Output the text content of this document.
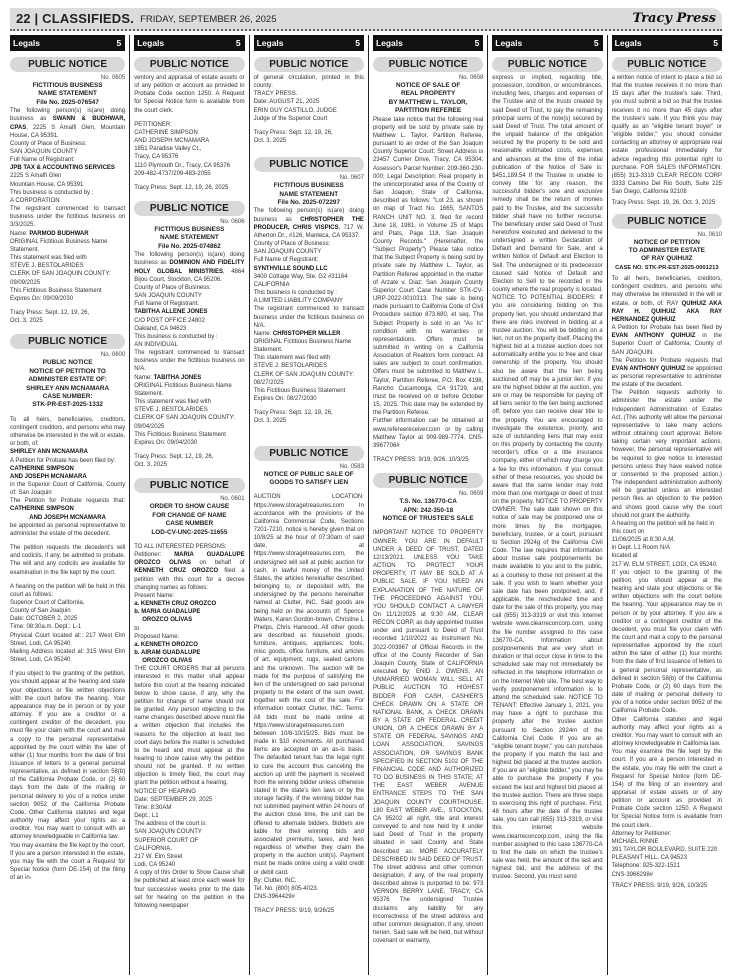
22 | CLASSIFIEDS. FRIDAY, SEPTEMBER 26, 2025	Tracy Press
Legals	5
PUBLIC NOTICE
No. 0605
FICTITIOUS BUSINESS
NAME STATEMENT
File No. 2025-076547
The following person(s) is(are) doing business as SWANN & BUDHWAR, CPAS, 2225 S Amalfi Glen, Mountain House, CA 95391.
County of Place of Business:
SAN JOAQUIN COUNTY
Full Name of Registrant:
JPB TAX & ACCOUNTING SERVICES
2225 S Amalfi Glen
Mountain House, CA 95391
This business is conducted by :
A CORPORATION
The registrant commenced to transact business under the fictitious business on 3/3/2025.
Name: PARMOD BUDHWAR
ORIGINAL Fictitious Business Name Statement.
This statement was filed with
STEVE J. BESTOLARIDES
CLERK OF SAN JOAQUIN COUNTY:
09/09/2025
This Fictitious Business Statement
Expires On: 09/09/2030
Tracy Press: Sept. 12, 19, 26,
Oct. 3, 2025
PUBLIC NOTICE
No. 0600
PUBLIC NOTICE
NOTICE OF PETITION TO
ADMINISTER ESTATE OF:
SHIRLEY ANN MCNAMARA
CASE NUMBER:
STK-PR-EST-2025-1332
To all heirs, beneficiaries, creditors, contingent creditors, and persons who may otherwise be interested in the will or estate, or both, of:
SHIRLEY ANN MCNAMARA
A Petition for Probate has been filed by:
CATHERINE SIMPSON
AND JOSEPH MCNAMARA
in the Superior Court of California, County of: San Joaquin
The Petition for Probate requests that: CATHERINE SIMPSON
AND JOSEPH MCNAMARA
be appointed as personal representative to administer the estate of the decedent.
The petition requests the decedent's will and codicils, if any, be admitted to probate. The will and any codicils are available for examination in the file kept by the court.
A hearing on the petition will be held in this court as follows:
Superior Court of California,
County of San Joaquin
Date: OCTOBER 2, 2025
Time: 08:30a.m. Dept.: L-1
Physical Court located at:: 217 West Elm Street, Lodi, CA 95240
Mailing Address located at: 315 West Elm Street, Lodi, CA 95240
If you object to the granting of the petition, you should appear at the hearing and state your objections or file written objections with the court before the hearing. Your appearance may be in person or by your attorney. If you are a creditor or a contingent creditor of the decedent, you must file your claim with the court and mail a copy to the personal representative appointed by the court within the later of either (1) four months from the date of first issuance of letters to a general personal representative, as defined in section 58(b) of the California Probate Code, or (2) 60 days from the date of the mailing or personal delivery to you of a notice under section 9052 of the California Probate Code. Other California statutes and legal authority may affect your rights as a creditor. You may want to consult with an attorney knowledgeable in California law.
You may examine the file kept by the court. If you are a person interested in the estate, you may file with the court a Request for Special Notice (form DE-154) of the filing of an in-
Legals	5
PUBLIC NOTICE
ventory and appraisal of estate assets or of any petition or account as provided in Probate Code section 1250. A Request for Special Notice form is available from the court clerk.
PETITIONER:
CATHERINE SIMPSON
AND JOSEPH MCNAMARA
1851 Paradise Valley Ct.,
Tracy, CA 95376
1110 Plymouth Dr., Tracy, CA 95376
209-482-4737/209-483-2055
Tracy Press: Sept. 12, 19, 26, 2025
PUBLIC NOTICE
No. 0606
FICTITIOUS BUSINESS
NAME STATEMENT
File No. 2025-074862
The following person(s) is(are) doing business as DOMINION AND FIDELITY HOLY GLOBAL MINISTRIES, 4864 Bijou Court, Stockton, CA 95206.
County of Place of Business:
SAN JOAQUIN COUNTY
Full Name of Registrant:
TABITHA ALLENE JONES
C/O POST OFFICE 24802
Oakland, CA 94623
This business is conducted by :
AN INDIVIDUAL
The registrant commenced to transact business under the fictitious business on N/A.
Name: TABITHA JONES
ORIGINAL Fictitious Business Name Statement.
This statement was filed with
STEVE J. BESTOLARIDES
CLERK OF SAN JOAQUIN COUNTY:
09/04/2025
This Fictitious Business Statement
Expires On: 09/04/2030
Tracy Press: Sept. 12, 19, 26,
Oct. 3, 2025
PUBLIC NOTICE
No. 0601
ORDER TO SHOW CAUSE
FOR CHANGE OF NAME
CASE NUMBER
LOD-CV-UNC-2025-11655
TO ALL INTERESTED PERSONS:
Petitioner: MARIA GUADALUPE OROZCO OLIVAS on behalf of KENNETH CRUZ OROZCO filed a petition with this court for a decree changing names as follows:
Present Name:
a. KENNETH CRUZ OROZCO
b. MARIA GUADALUPE
OROZCO OLIVAS
to
Proposed Name:
a. KENNETH OROZCO
b. AIRAM GUADALUPE
OROZCO OLIVAS
THE COURT ORDERS that all persons interested in this matter shall appear before this court at the hearing indicated below to show cause, if any, why the petition for change of name should not be granted. Any person objecting to the name changes described above must file a written objection that includes the reasons for the objection at least two court days before the matter is scheduled to be heard and must appear at the hearing to show cause why the petition should not be granted. If no written objection is timely filed, the court may grant the petition without a hearing.
NOTICE OF HEARING
Date: SEPTEMBER 29, 2025
Time: 8:30AM
Dept.: L1
The address of the court is:
SAN JOAQUIN COUNTY
SUPERIOR COURT OF
CALIFORNIA,
217 W. Elm Street
Lodi, CA 95240
A copy of this Order to Show Cause shall be published at least once each week for four successive weeks prior to the date set for hearing on the petition in the following newspaper
Legals	5
PUBLIC NOTICE
of general circulation, printed in this county:
TRACY PRESS.
Date: AUGUST 21, 2025
ERIN GUY CASTILLO, JUDGE
Judge of the Superior Court
Tracy Press: Sept. 12, 19, 26,
Oct. 3, 2025
PUBLIC NOTICE
No. 0607
FICTITIOUS BUSINESS
NAME STATEMENT
File No. 2025-072297
The following person(s) is(are) doing business as CHRISTOPHER THE PRODUCER, CHRIS VISPICS, 717 W. Atherton Dr., #126, Manteca, CA 95337.
County of Place of Business:
SAN JOAQUIN COUNTY
Full Name of Registrant:
SYNTHVILLE SOUND LLC
3400 Cottage Way, Ste. G2 #31164
CALIFORNIA
This business is conducted by :
A LIMITED LIABILITY COMPANY
The registrant commenced to transact business under the fictitious business on N/A.
Name: CHRISTOPHER MILLER
ORIGINAL Fictitious Business Name Statement.
This statement was filed with
STEVE J. BESTOLARIDES
CLERK OF SAN JOAQUIN COUNTY:
08/27/2025
This Fictitious Business Statement
Expires On: 08/27/2030
Tracy Press: Sept. 12, 19, 26,
Oct. 3, 2025
PUBLIC NOTICE
No. 0583
NOTICE OF PUBLIC SALE OF
GOODS TO SATISFY LIEN
AUCTION LOCATION: https://www.storagetreasures.com In accordance with the provisions of the California Commercial Code, Sections 7201-7210, notice is hereby given that on 10/8/25 at the hour of 07:30am of said date, at https://www.storagetreasures.com, the undersigned will sell at public auction for cash, in lawful money of the United States, the articles hereinafter described, belonging to, or deposited with, the undersigned by the persons hereinafter named at Clutter, INC. Said goods are being held on the accounts of: Spence Waters, Karen Gordon-brown, Christine L Phelps, Chris Harwood. All other goods are described as household goods, furniture, antiques, appliances, tools, misc goods, office furniture, and articles of art, equipment, rugs, sealed cartons and the unknown. The auction will be made for the purpose of satisfying the lien of the undersigned on said personal property to the extent of the sum owed, together with the cost of the sale. For information contact Clutter, INC. Terms: All bids must be made online at https://www.storagetreasures.com between 10/8-10/15/25. Bids must be made in $10 increments. All purchased items are accepted on an as-is basis. The defaulted tenant has the legal right to cure the account thus canceling the auction up until the payment is received from the winning bidder unless otherwise stated in the state's lien laws or by the storage facility. If the winning bidder has not submitted payment within 24 hours of the auction close time, the unit can be offered to alternate bidders. Bidders are liable for their winning bids and associated premiums, taxes, and fees regardless of whether they claim the property in the auction unit(s). Payment must be made online using a valid credit or debit card.
By: Clutter, INC,
Tel. No. (800) 805-4023.
CNS-3964429#
TRACY PRESS: 9/19, 9/26/25
Legals	5
PUBLIC NOTICE
No. 0608
NOTICE OF SALE OF
REAL PROPERTY
BY MATTHEW L. TAYLOR,
PARTITION REFEREE
Please take notice that the following real property will be sold by private sale by Matthew L. Taylor, Partition Referee, pursuant to an order of the San Joaquin County Superior Court: Street Address is 23457 Currier Drive, Tracy, CA 95304; Assessor's Parcel Number: 209-360-230-000; Legal Description: Real property in the unincorporated area of the County of San Joaquin, State of California, described as follows: "Lot 23, as shown on map of Tract No. 1665, SANTOS RANCH UNIT NO. 3, filed for record June 18, 1981, in Volume 25 of Maps and Plats, Page 118, San Joaquin County Records." (Hereinafter, the "Subject Property") Please take notice that the Subject Property is being sold by private sale by Matthew L. Taylor, as Partition Referee appointed in the matter of Arzate v. Diaz; San Joaquin County Superior Court Case Number STK-CV-URP-2022-0010313. The sale is being made pursuant to California Code of Civil Procedure section 873.680, et seq. The Subject Property is sold in an "As Is" condition with no warranties or representations. Offers must be submitted in writing on a California Association of Realtors form contract. All sales are subject to court confirmation. Offers must be submitted to Matthew L. Taylor, Partition Referee, P.O. Box 4198, Rancho Cucamonga, CA 91729, and must be received on or before October 15, 2025. This date may be extended by the Partition Referee.
Further information can be obtained at www.refereereceiver.com or by calling Matthew Taylor at 909-989-7774. CNS-3967706#
TRACY PRESS: 9/19, 9/26, 10/3/25
PUBLIC NOTICE
No. 0609
T.S. No. 136770-CA
APN: 242-350-18
NOTICE OF TRUSTEE'S SALE
IMPORTANT NOTICE TO PROPERTY OWNER: YOU ARE IN DEFAULT UNDER A DEED OF TRUST, DATED 12/13/2021. UNLESS YOU TAKE ACTION TO PROTECT YOUR PROPERTY, IT MAY BE SOLD AT A PUBLIC SALE. IF YOU NEED AN EXPLANATION OF THE NATURE OF THE PROCEEDING AGAINST YOU, YOU SHOULD CONTACT A LAWYER On 11/12/2025 at 9:30 AM, CLEAR RECON CORP, as duly appointed trustee under and pursuant to Deed of Trust recorded 1/10/2022 as Instrument No. 2022-003967 of Official Records in the office of the County Recorder of San Joaquin County, State of CALIFORNIA executed by: ENID J. OWENS, AN UNMARRIED WOMAN WILL SELL AT PUBLIC AUCTION TO HIGHEST BIDDER FOR CASH, CASHIER'S CHECK DRAWN ON A STATE OR NATIONAL BANK, A CHECK DRAWN BY A STATE OR FEDERAL CREDIT UNION, OR A CHECK DRAWN BY A STATE OR FEDERAL SAVINGS AND LOAN ASSOCIATION, SAVINGS ASSOCIATION, OR SAVINGS BANK SPECIFIED IN SECTION 5102 OF THE FINANCIAL CODE AND AUTHORIZED TO DO BUSINESS IN THIS STATE; AT THE EAST WEBER AVENUE ENTRANCE STEPS TO THE SAN JOAQUIN COUNTY COURTHOUSE, 180 EAST WEBER AVE., STOCKTON, CA 95202 all right, title and interest conveyed to and now held by it under said Deed of Trust in the property situated in said County and State described as: MORE ACCURATELY DESCRIBED IN SAID DEED OF TRUST. The street address and other common designation, if any, of the real property described above is purported to be: 973 VERNON BERRY LANE, TRACY, CA 95376 The undersigned Trustee disclaims any liability for any incorrectness of the street address and other common designation, if any, shown herein. Said sale will be held, but without covenant or warranty,
Legals	5
PUBLIC NOTICE
express or implied, regarding title, possession, condition, or encumbrances, including fees, charges and expenses of the Trustee and of the trusts created by said Deed of Trust, to pay the remaining principal sums of the note(s) secured by said Deed of Trust. The total amount of the unpaid balance of the obligation secured by the property to be sold and reasonable estimated costs, expenses and advances at the time of the initial publication of the Notice of Sale is: $451,189.54 If the Trustee is unable to convey title for any reason, the successful bidder's sole and exclusive remedy shall be the return of monies paid to the Trustee, and the successful bidder shall have no further recourse. The beneficiary under said Deed of Trust heretofore executed and delivered to the undersigned a written Declaration of Default and Demand for Sale, and a written Notice of Default and Election to Sell. The undersigned or its predecessor caused said Notice of Default and Election to Sell to be recorded in the county where the real property is located. NOTICE TO POTENTIAL BIDDERS: If you are considering bidding on this property lien, you should understand that there are risks involved in bidding at a trustee auction. You will be bidding on a lien, not on the property itself. Placing the highest bid at a trustee auction does not automatically entitle you to free and clear ownership of the property. You should also be aware that the lien being auctioned off may be a junior lien. If you are the highest bidder at the auction, you are or may be responsible for paying off all liens senior to the lien being auctioned off, before you can receive clear title to the property. You are encouraged to investigate the existence, priority, and size of outstanding liens that may exist on this property by contacting the county recorder's office or a title insurance company, either of which may charge you a fee for this information. If you consult either of these resources, you should be aware that the same lender may hold more than one mortgage or deed of trust on the property. NOTICE TO PROPERTY OWNER: The sale date shown on this notice of sale may be postponed one or more times by the mortgagee, beneficiary, trustee, or a court, pursuant to Section 2924g of the California Civil Code. The law requires that information about trustee sale postponements be made available to you and to the public, as a courtesy to those not present at the sale. If you wish to learn whether your sale date has been postponed, and, if applicable, the rescheduled time and date for the sale of this property, you may call (855) 313-3319 or visit this Internet website www.clearreconcorp.com, using the file number assigned to this case 136770-CA. Information about postponements that are very short in duration or that occur close in time to the scheduled sale may not immediately be reflected in the telephone information or on the Internet Web site. The best way to verify postponement information is to attend the scheduled sale. NOTICE TO TENANT: Effective January 1, 2021, you may have a right to purchase this property after the trustee auction pursuant to Section 2924m of the California Civil Code. If you are an "eligible tenant buyer," you can purchase the property if you match the last and highest bid placed at the trustee auction. If you are an "eligible bidder," you may be able to purchase the property if you exceed the last and highest bid placed at the trustee auction. There are three steps to exercising this right of purchase. First, 48 hours after the date of the trustee sale, you can call (855) 313-3319, or visit this internet website www.clearreconcorp.com, using the file number assigned to this case 136770-CA to find the date on which the trustee's sale was held, the amount of the last and highest bid, and the address of the trustee. Second, you must send
Legals	5
PUBLIC NOTICE
a written notice of intent to place a bid so that the trustee receives it no more than 15 days after the trustee's sale. Third, you must submit a bid so that the trustee receives it no more than 45 days after the trustee's sale. If you think you may qualify as an "eligible tenant buyer" or "eligible bidder," you should consider contacting an attorney or appropriate real estate professional immediately for advice regarding this potential right to purchase. FOR SALES INFORMATION: (855) 313-3319 CLEAR RECON CORP 3333 Camino Del Rio South, Suite 225 San Diego, California 92108
Tracy Press: Sept. 19, 26, Oct. 3, 2025
PUBLIC NOTICE
No. 0610
NOTICE OF PETITION
TO ADMINISTER ESTATE
OF RAY QUIHUIZ
CASE NO. STK-PR-EST-2025-0001213
To all heirs, beneficiaries, creditors, contingent creditors, and persons who may otherwise be interested in the will or estate, or both, of: RAY QUIHUIZ AKA RAY H. QUIHUIZ AKA RAY HERNANDEZ QUIHUIZ
A Petition for Probate has been filed by EVAN ANTHONY QUIHUIZ in the Superior Court of California, County of SAN JOAQUIN.
The Petition for Probate requests that EVAN ANTHONY QUIHUIZ be appointed as personal representative to administer the estate of the decedent.
The Petition requests authority to administer the estate under the Independent Administration of Estates Act. (This authority will allow the personal representative to take many actions without obtaining court approval. Before taking certain very important actions, however, the personal representative will be required to give notice to interested persons unless they have waived notice or consented to the proposed action.) The independent administration authority will be granted unless an interested person files an objection to the petition and shows good cause why the court should not grant the authority.
A hearing on the petition will be held in this court on
11/06/2025 at 8:30 A.M.
in Dept. L1 Room N/A
located at
217 W. ELM STREET, LODI, CA 95240.
If you object to the granting of the petition, you should appear at the hearing and state your objections or file written objections with the court before the hearing. Your appearance may be in person or by your attorney. If you are a creditor or a contingent creditor of the decedent, you must file your claim with the court and mail a copy to the personal representative appointed by the court within the later of either (1) four months from the date of first issuance of letters to a general personal representative, as defined in section 58(b) of the California Probate Code, or (2) 60 days from the date of mailing or personal delivery to you of a notice under section 9052 of the California Probate Code.
Other California statutes and legal authority may affect your rights as a creditor. You may want to consult with an attorney knowledgeable in California law.
You may examine the file kept by the court. If you are a person interested in the estate, you may file with the court a Request for Special Notice (form DE-154) of the filing of an inventory and appraisal of estate assets or of any petition or account as provided in Probate Code section 1250. A Request for Special Notice form is available from the court clerk.
Attorney for Petitioner:
MICHAEL RINNE
391 TAYLOR BOULEVARD, SUITE 220
PLEASANT HILL, CA 94523
Telephone: 925-322-1521
CNS-3966298#
TRACY PRESS: 9/19, 9/26, 10/3/25
